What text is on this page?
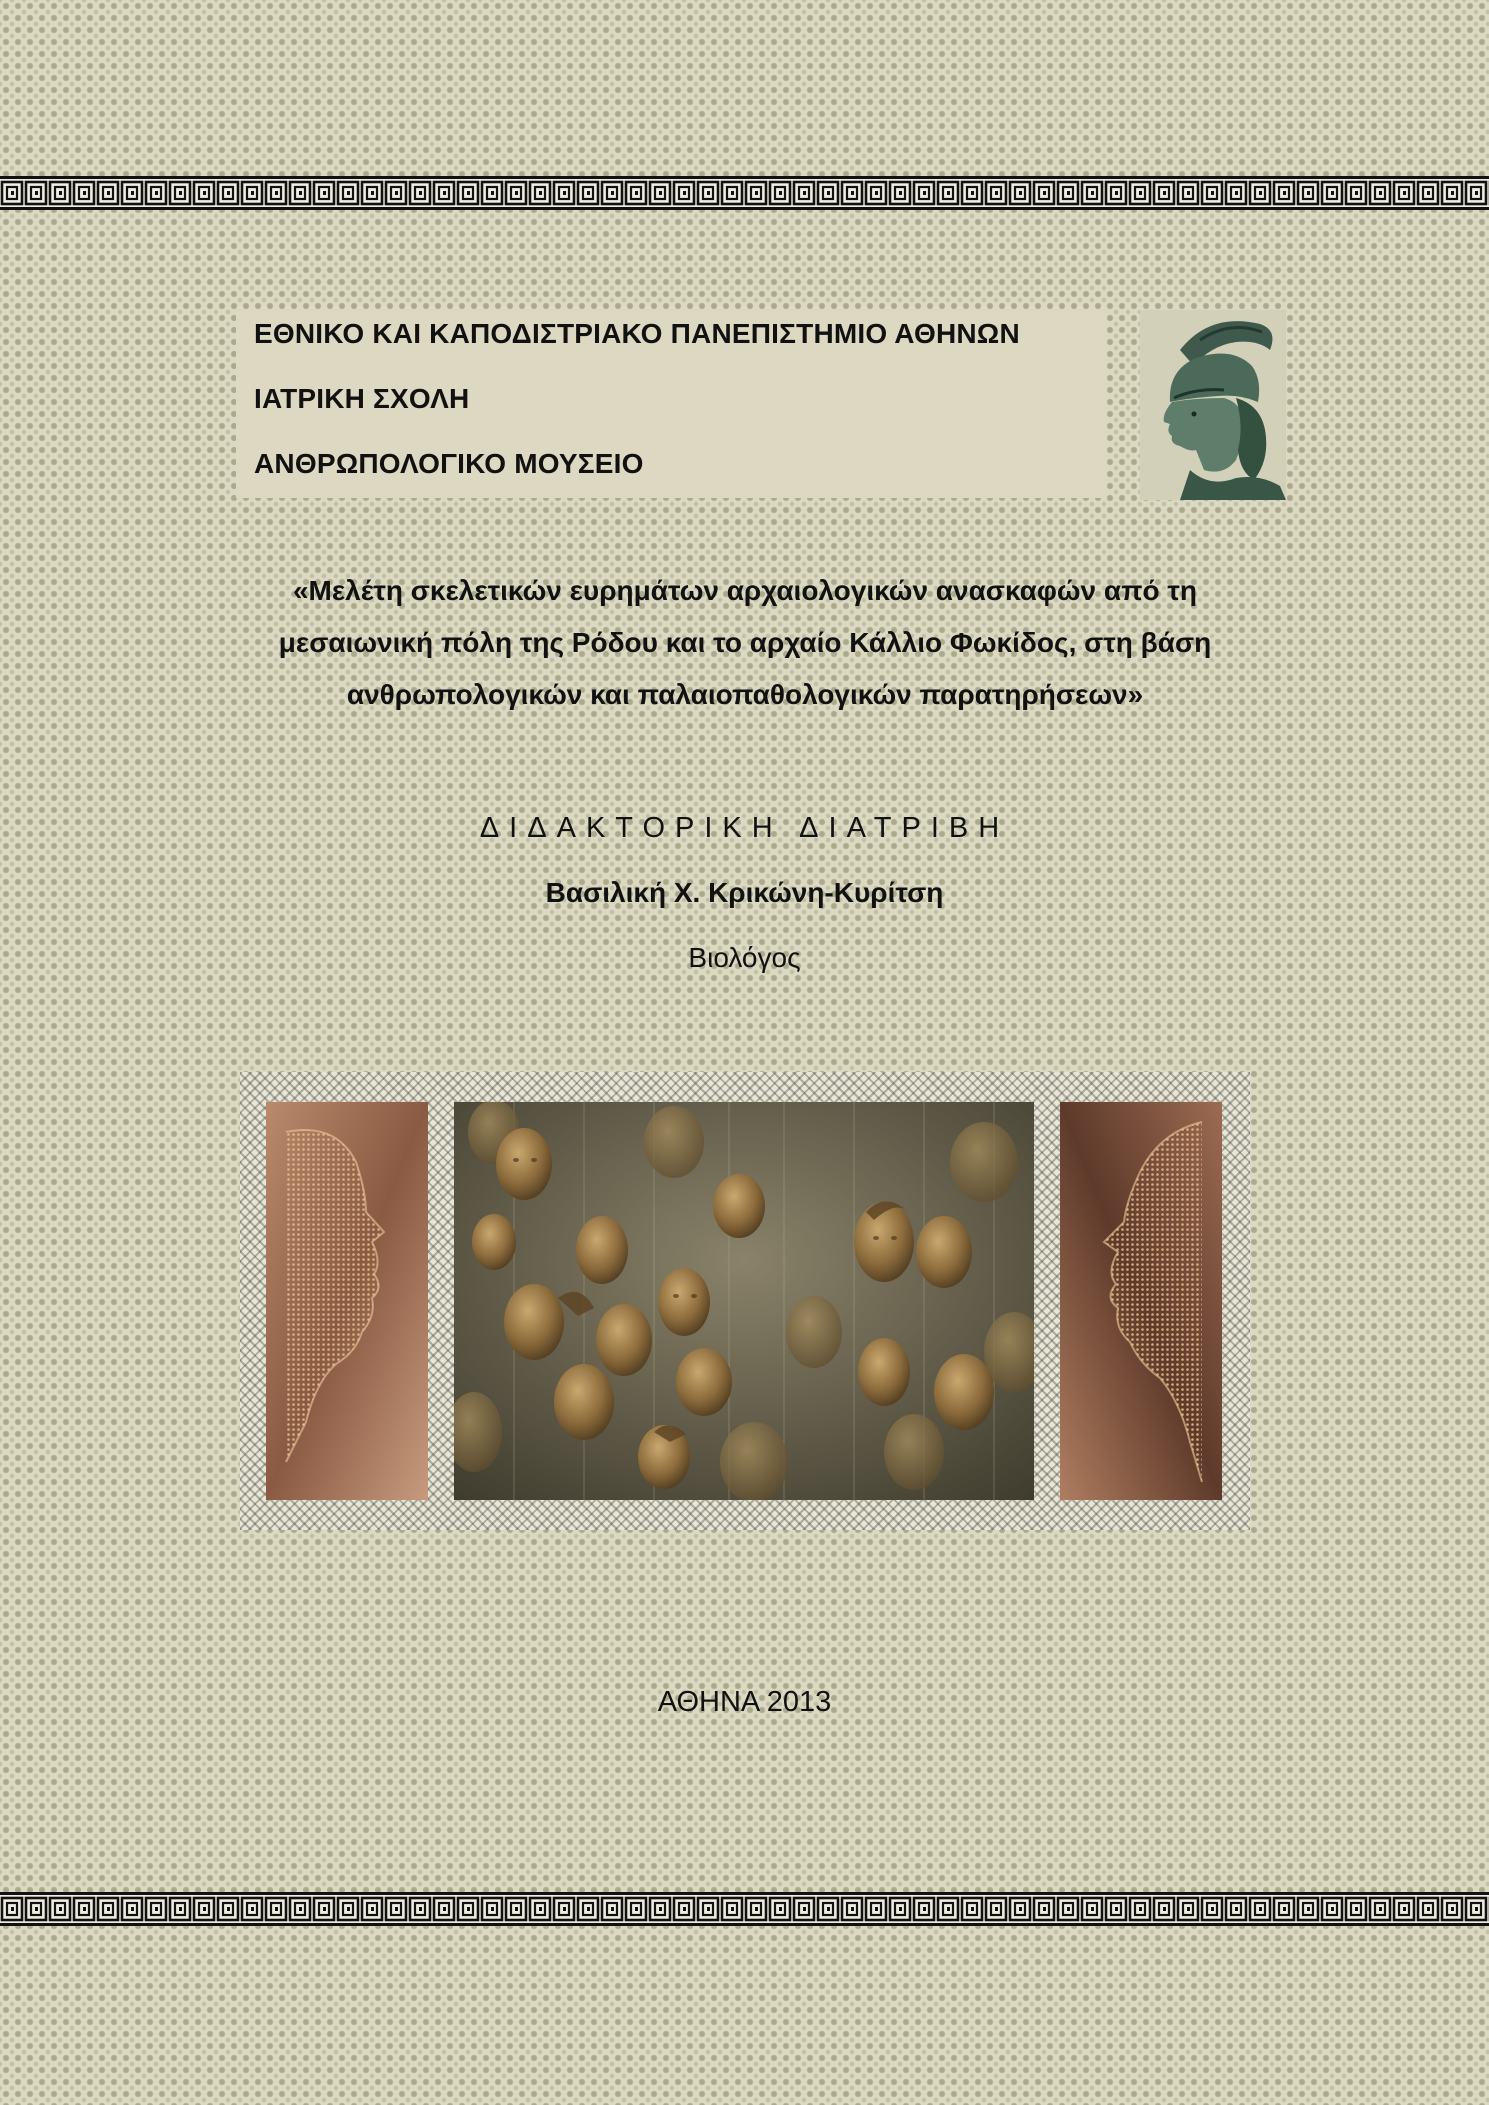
ΕΘΝΙΚΟ ΚΑΙ ΚΑΠΟΔΙΣΤΡΙΑΚΟ ΠΑΝΕΠΙΣΤΗΜΙΟ ΑΘΗΝΩΝ
ΙΑΤΡΙΚΗ ΣΧΟΛΗ
ΑΝΘΡΩΠΟΛΟΓΙΚΟ ΜΟΥΣΕΙΟ
«Μελέτη σκελετικών ευρημάτων αρχαιολογικών ανασκαφών από τη
μεσαιωνική πόλη της Ρόδου και το αρχαίο Κάλλιο Φωκίδος, στη βάση
ανθρωπολογικών και παλαιοπαθολογικών παρατηρήσεων»
ΔΙΔΑΚΤΟΡΙΚΗ ΔΙΑΤΡΙΒΗ
Βασιλική Χ. Κρικώνη-Κυρίτση
Βιολόγος
ΑΘΗΝΑ 2013
